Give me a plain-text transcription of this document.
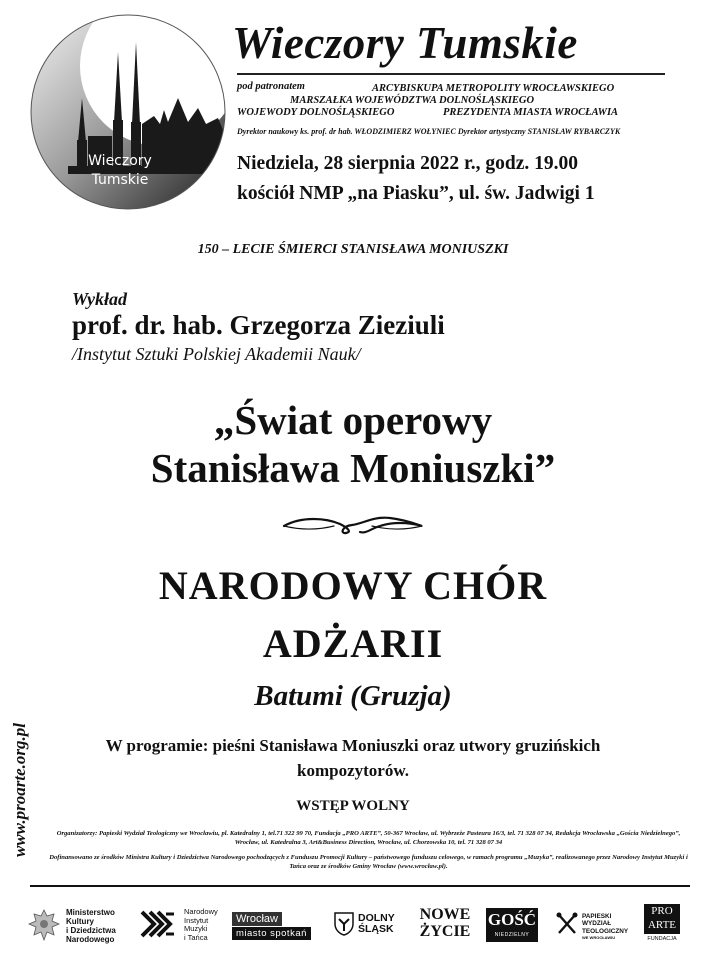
Wieczory
Tumskie
Wieczory Tumskie
pod patronatem	ARCYBISKUPA METROPOLITY WROCŁAWSKIEGO
MARSZAŁKA WOJEWÓDZTWA DOLNOŚLĄSKIEGO
WOJEWODY DOLNOŚLĄSKIEGO	PREZYDENTA MIASTA WROCŁAWIA
Dyrektor naukowy ks. prof. dr hab. WŁODZIMIERZ WOŁYNIEC Dyrektor artystyczny STANISŁAW RYBARCZYK
Niedziela, 28 sierpnia 2022 r., godz. 19.00
kościół NMP „na Piasku”, ul. św. Jadwigi 1
150 – LECIE ŚMIERCI STANISŁAWA MONIUSZKI
Wykład
prof. dr. hab. Grzegorza Zieziuli
/Instytut Sztuki Polskiej Akademii Nauk/
„Świat operowy
Stanisława Moniuszki”
NARODOWY CHÓR
ADŻARII
Batumi (Gruzja)
W programie: pieśni Stanisława Moniuszki oraz utwory gruzińskich
kompozytorów.
WSTĘP WOLNY
www.proarte.org.pl	Organizatorzy: Papieski Wydział Teologiczny we Wrocławiu, pl. Katedralny 1, tel.71 322 99 70, Fundacja „PRO ARTE”, 50-367 Wrocław, ul. Wybrzeże Pasteura 16/3, tel. 71 328 07 34, Redakcja Wrocławska „Gościa Niedzielnego”, Wrocław, ul. Katedralna 3, Art&Business Direction, Wrocław, ul. Chorzowska 10, tel. 71 328 07 34
Dofinansowano ze środków Ministra Kultury i Dziedzictwa Narodowego pochodzących z Funduszu Promocji Kultury – państwowego funduszu celowego, w ramach programu „Muzyka”, realizowanego przez Narodowy Instytut Muzyki i Tańca oraz ze środków Gminy Wrocław (www.wrocław.pl).
Ministerstwo
Kultury
i Dziedzictwa
Narodowego
Narodowy
Instytut
Muzyki
i Tańca
Wrocław
miasto spotkań
DOLNY
ŚLĄSK
NOWE
ŻYCIE
GOŚĆ
NIEDZIELNY
PAPIESKI
WYDZIAŁ
TEOLOGICZNY
WE WROCŁAWIU
PRO
ARTE
FUNDACJA
